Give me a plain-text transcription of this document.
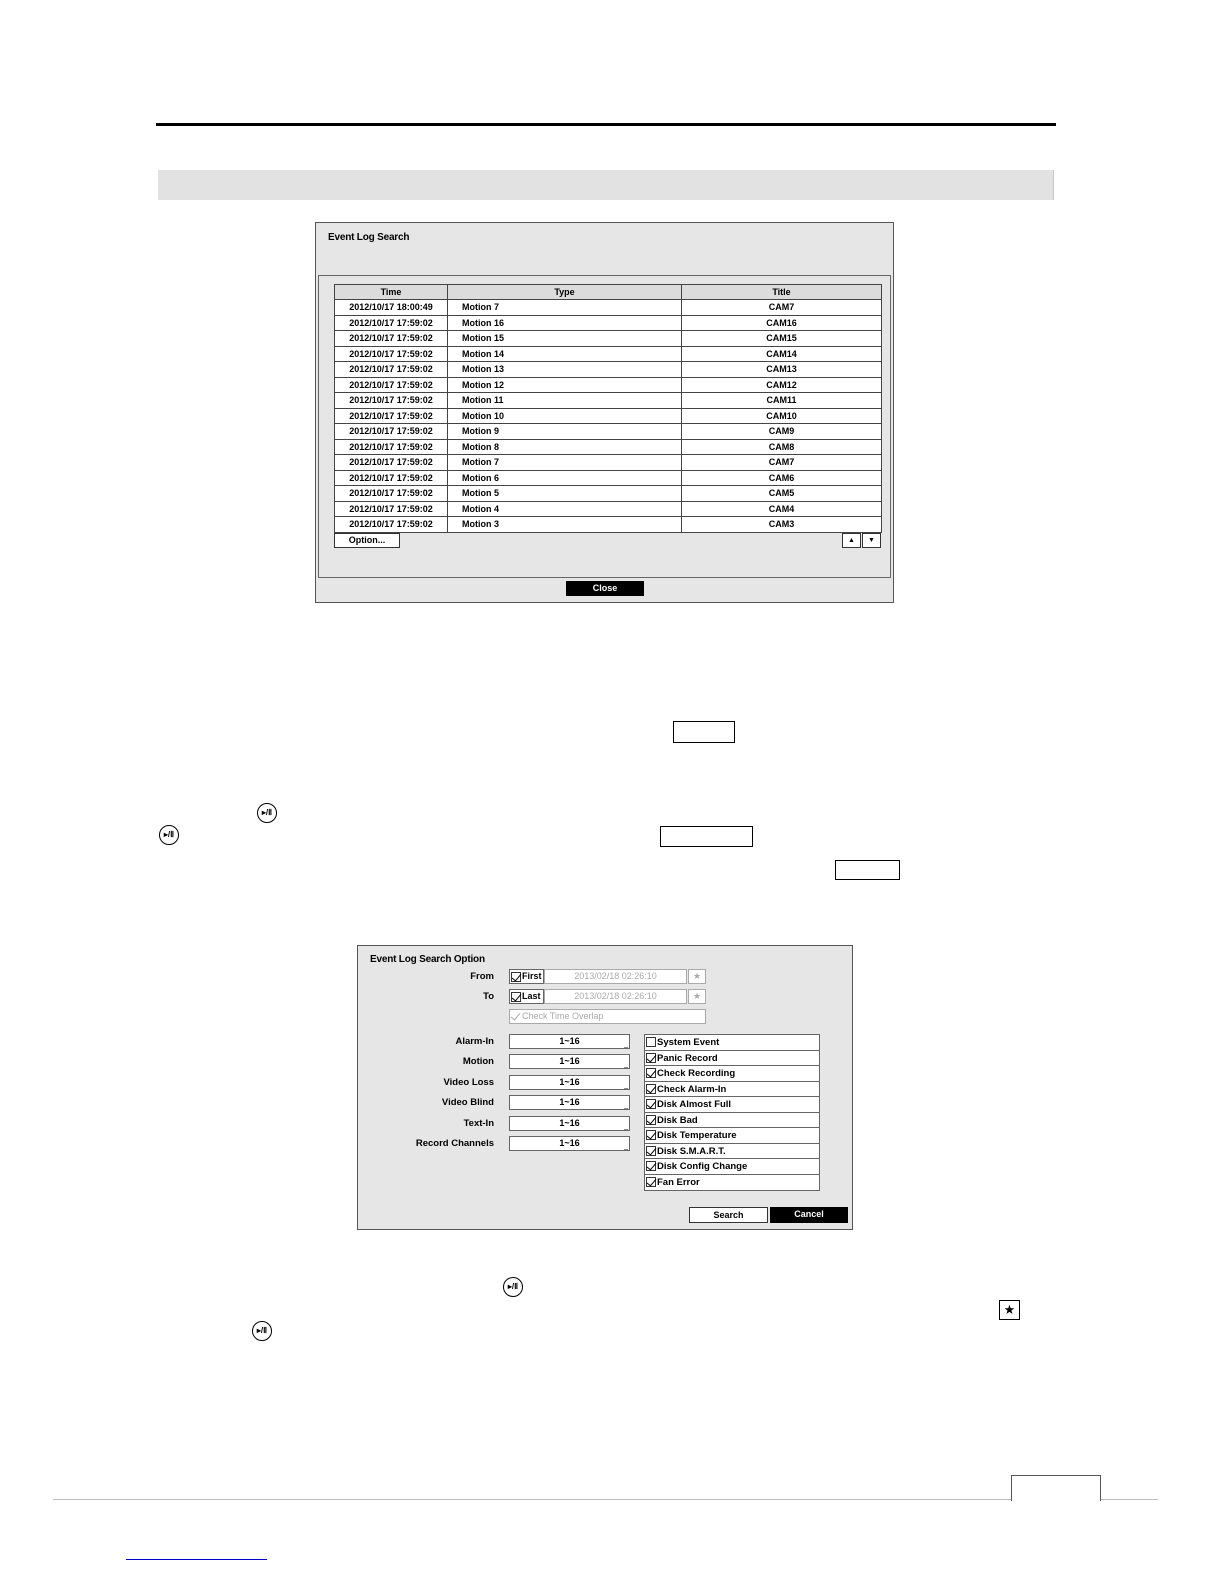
Event Log Search
Time	Type	Title
2012/10/17 18:00:49	Motion 7	CAM7
2012/10/17 17:59:02	Motion 16	CAM16
2012/10/17 17:59:02	Motion 15	CAM15
2012/10/17 17:59:02	Motion 14	CAM14
2012/10/17 17:59:02	Motion 13	CAM13
2012/10/17 17:59:02	Motion 12	CAM12
2012/10/17 17:59:02	Motion 11	CAM11
2012/10/17 17:59:02	Motion 10	CAM10
2012/10/17 17:59:02	Motion 9	CAM9
2012/10/17 17:59:02	Motion 8	CAM8
2012/10/17 17:59:02	Motion 7	CAM7
2012/10/17 17:59:02	Motion 6	CAM6
2012/10/17 17:59:02	Motion 5	CAM5
2012/10/17 17:59:02	Motion 4	CAM4
2012/10/17 17:59:02	Motion 3	CAM3
Option...	▲	▼
Close
▸/Ⅱ
▸/Ⅱ
Event Log Search Option
From	First	2013/02/18 02:26:10	★
To	Last	2013/02/18 02:26:10	★
Check Time Overlap
Alarm-In	1~16	_
Motion	1~16	_
Video Loss	1~16	_
Video Blind	1~16	_
Text-In	1~16	_
Record Channels	1~16	_
System Event
Panic Record
Check Recording
Check Alarm-In
Disk Almost Full
Disk Bad
Disk Temperature
Disk S.M.A.R.T.
Disk Config Change
Fan Error
Search	Cancel
▸/Ⅱ
★
▸/Ⅱ
